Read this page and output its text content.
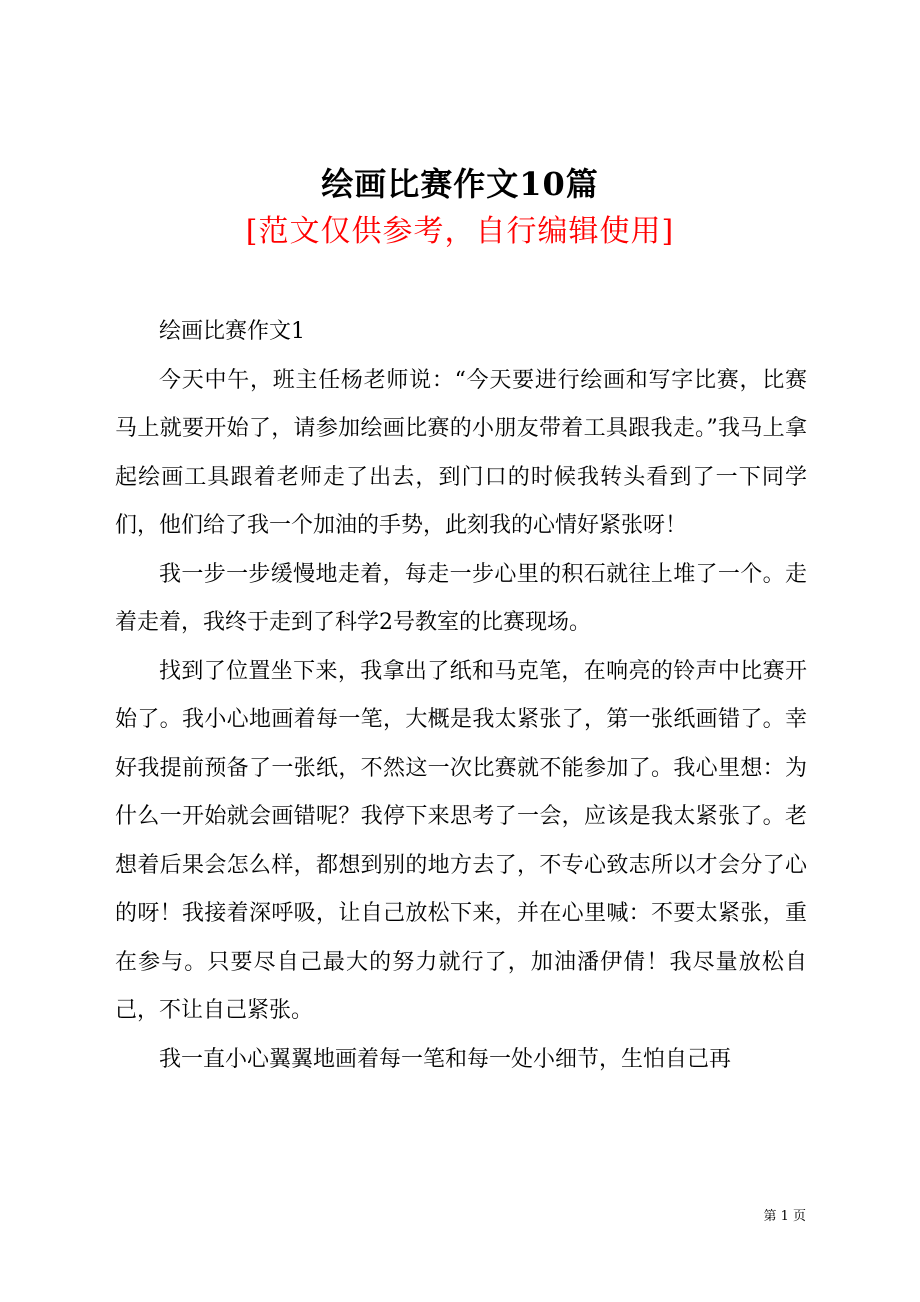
绘画比赛作文10篇
[范文仅供参考，自行编辑使用]

绘画比赛作文1

今天中午，班主任杨老师说：“今天要进行绘画和写字比赛，比赛马上就要开始了，请参加绘画比赛的小朋友带着工具跟我走。”我马上拿起绘画工具跟着老师走了出去，到门口的时候我转头看到了一下同学们，他们给了我一个加油的手势，此刻我的心情好紧张呀！

我一步一步缓慢地走着，每走一步心里的积石就往上堆了一个。走着走着，我终于走到了科学2号教室的比赛现场。

找到了位置坐下来，我拿出了纸和马克笔，在响亮的铃声中比赛开始了。我小心地画着每一笔，大概是我太紧张了，第一张纸画错了。幸好我提前预备了一张纸，不然这一次比赛就不能参加了。我心里想：为什么一开始就会画错呢？我停下来思考了一会，应该是我太紧张了。老想着后果会怎么样，都想到别的地方去了，不专心致志所以才会分了心的呀！我接着深呼吸，让自己放松下来，并在心里喊：不要太紧张，重在参与。只要尽自己最大的努力就行了，加油潘伊倩！我尽量放松自己，不让自己紧张。

我一直小心翼翼地画着每一笔和每一处小细节，生怕自己再

第 1 页
